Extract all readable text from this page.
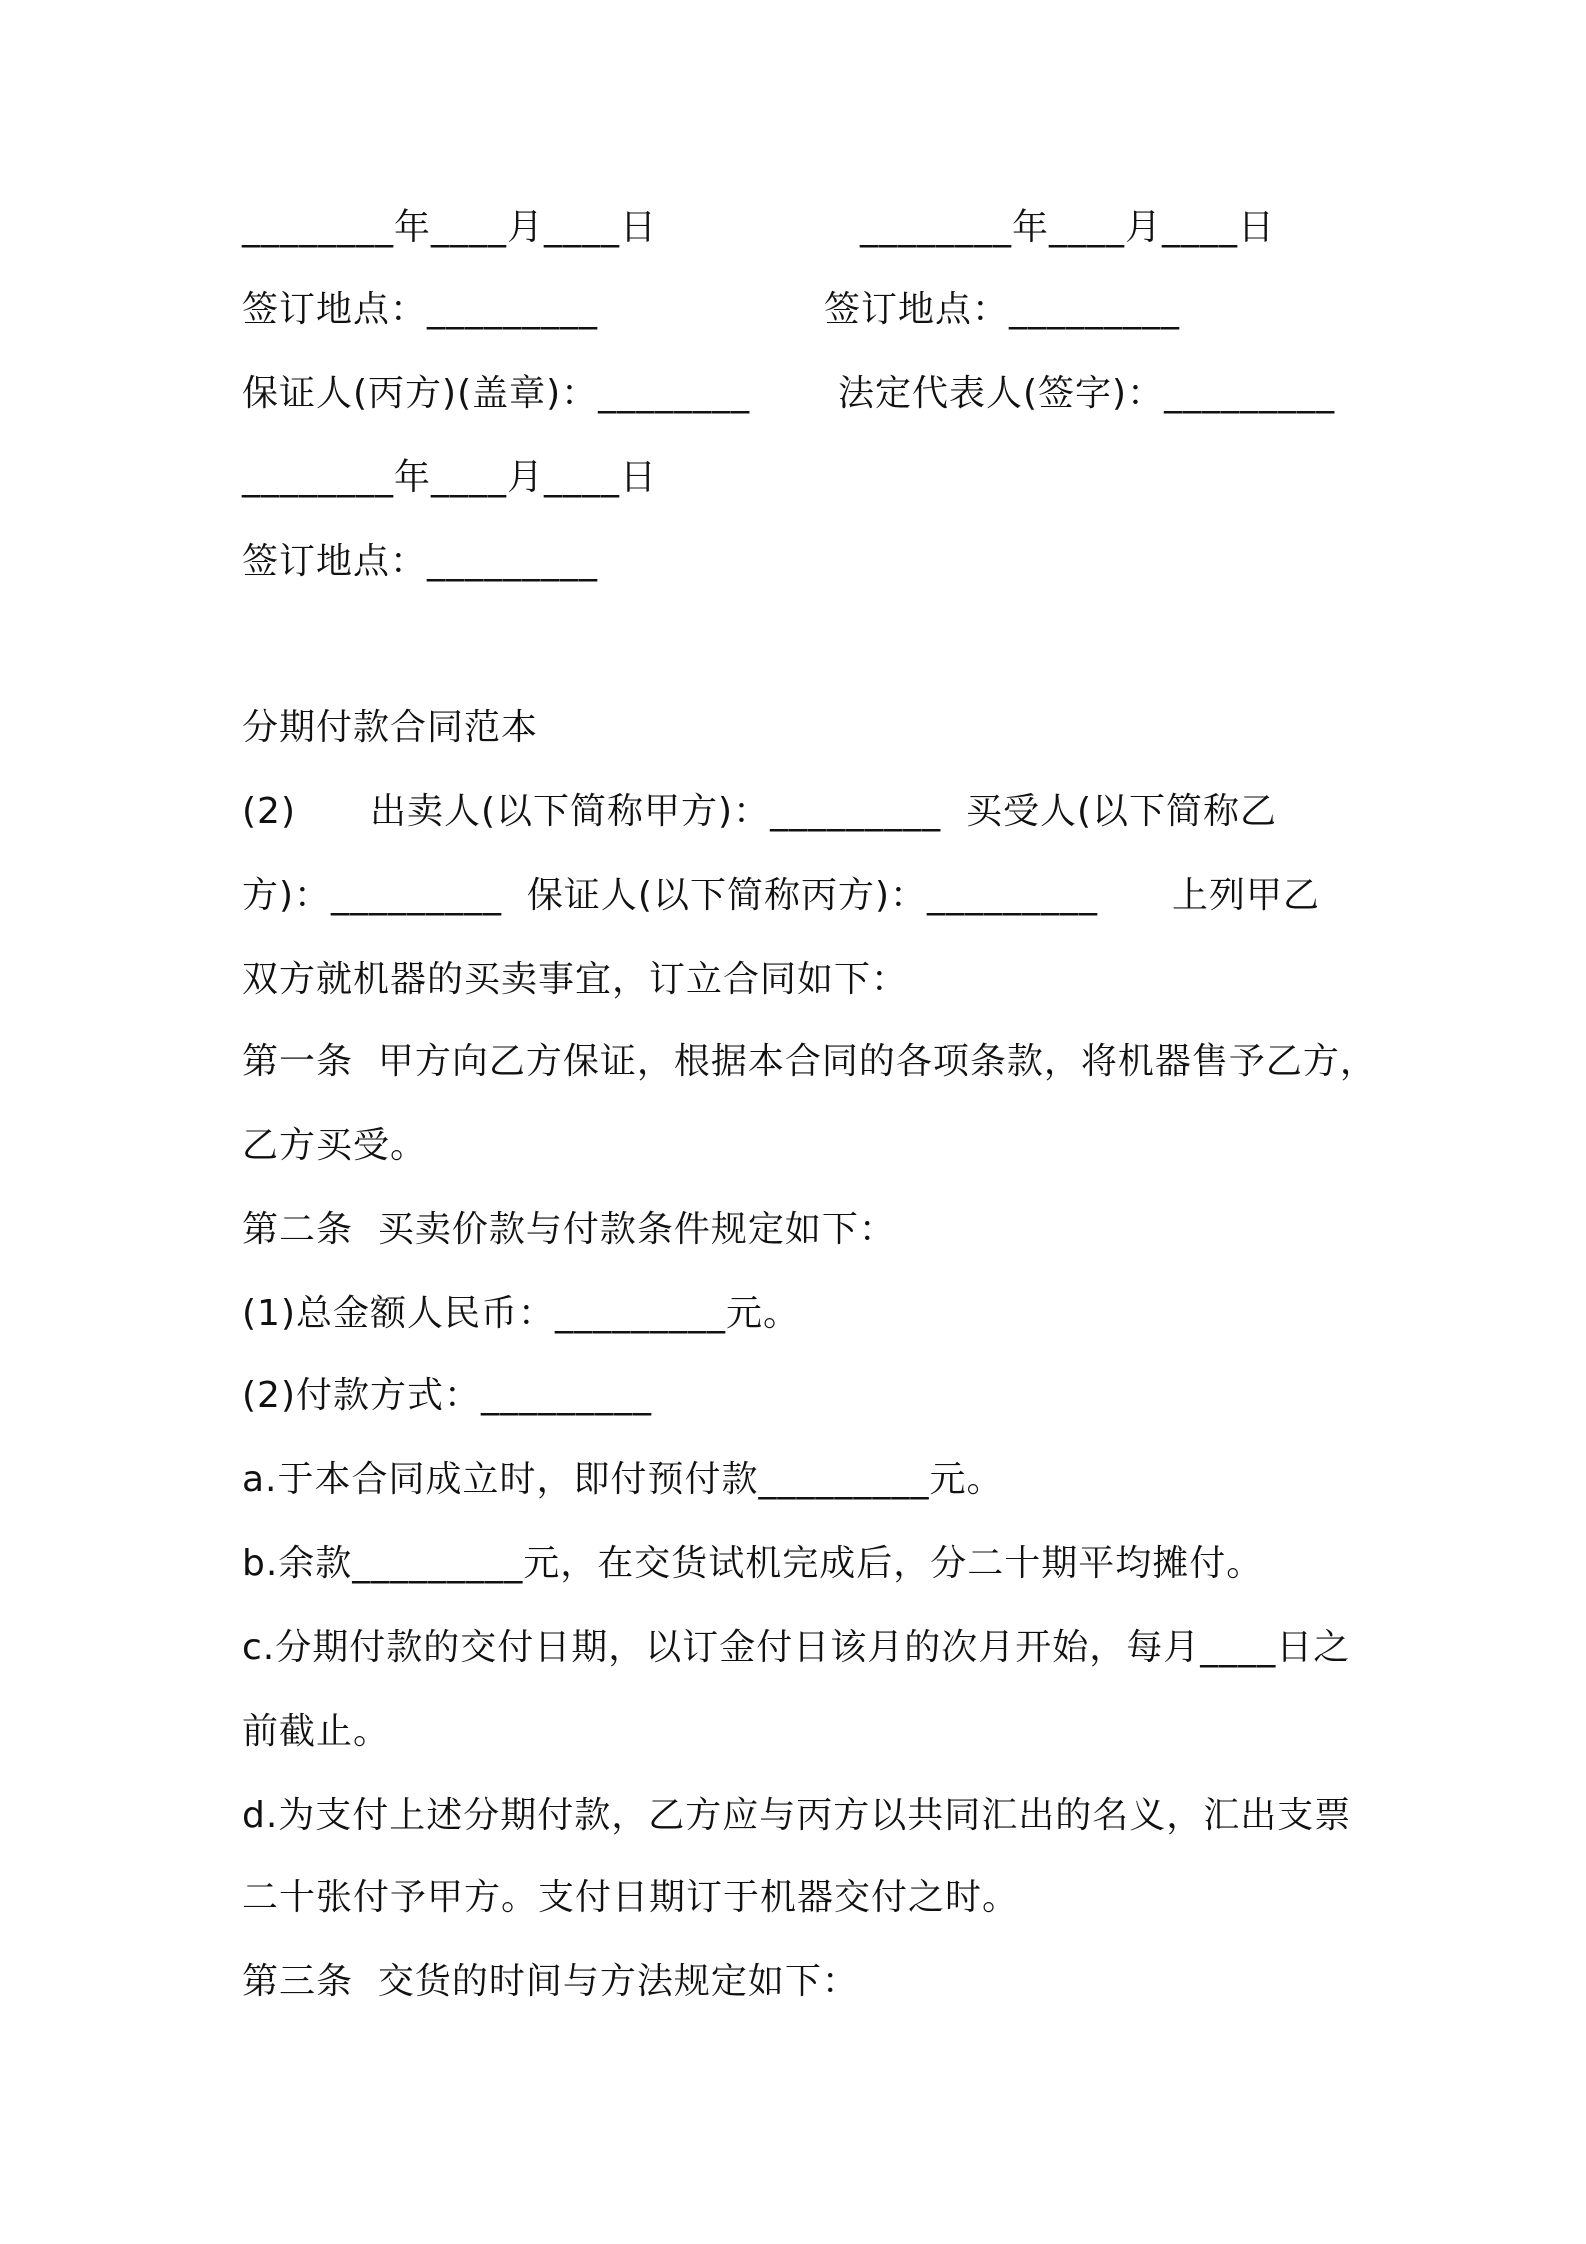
________年____月____日	________年____月____日
签订地点：_________	签订地点：_________
保证人(丙方)(盖章)：________ 法定代表人(签字)：_________
________年____月____日
签订地点：_________
分期付款合同范本
(2)　　出卖人(以下简称甲方)：_________  买受人(以下简称乙
方)：_________  保证人(以下简称丙方)：_________　　上列甲乙
双方就机器的买卖事宜，订立合同如下：
第一条  甲方向乙方保证，根据本合同的各项条款，将机器售予乙方，
乙方买受。
第二条  买卖价款与付款条件规定如下：
(1)总金额人民币：_________元。
(2)付款方式：_________
a.于本合同成立时，即付预付款_________元。
b.余款_________元，在交货试机完成后，分二十期平均摊付。
c.分期付款的交付日期，以订金付日该月的次月开始，每月____日之
前截止。
d.为支付上述分期付款，乙方应与丙方以共同汇出的名义，汇出支票
二十张付予甲方。支付日期订于机器交付之时。
第三条  交货的时间与方法规定如下：
